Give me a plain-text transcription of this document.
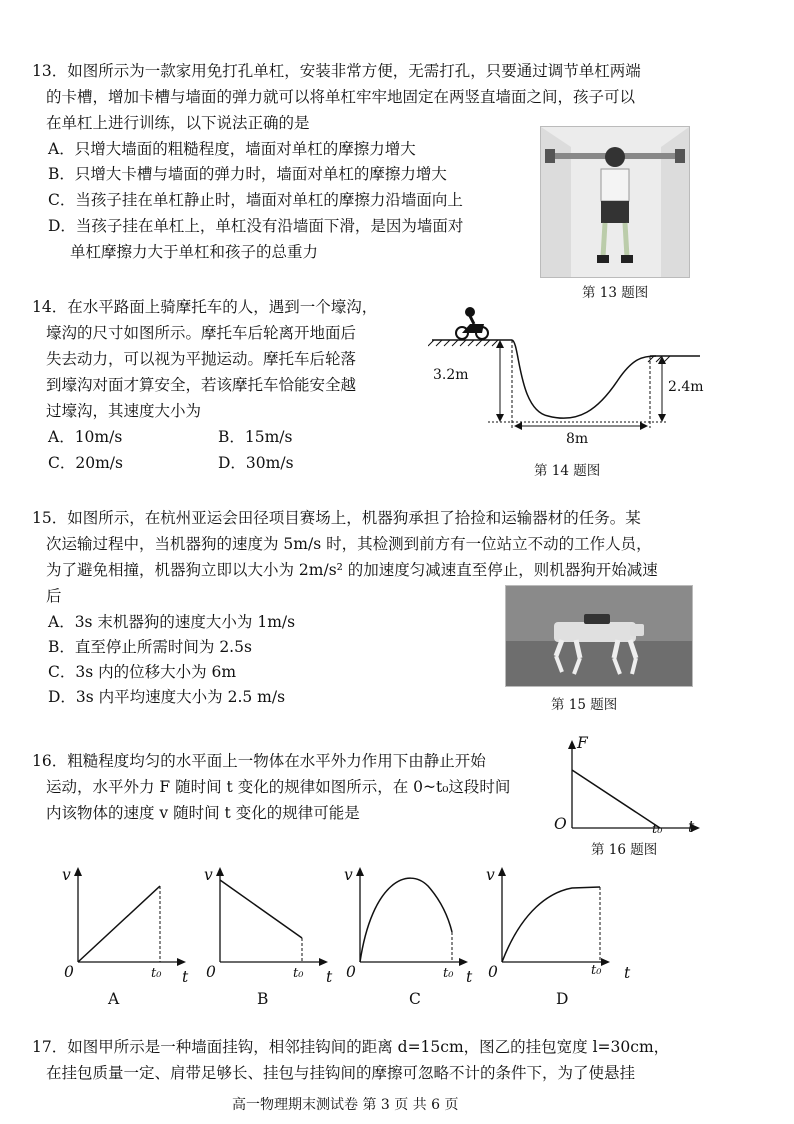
13．如图所示为一款家用免打孔单杠，安装非常方便，无需打孔，只要通过调节单杠两端
的卡槽，增加卡槽与墙面的弹力就可以将单杠牢牢地固定在两竖直墙面之间，孩子可以
在单杠上进行训练，以下说法正确的是
A．只增大墙面的粗糙程度，墙面对单杠的摩擦力增大
B．只增大卡槽与墙面的弹力时，墙面对单杠的摩擦力增大
C．当孩子挂在单杠静止时，墙面对单杠的摩擦力沿墙面向上
D．当孩子挂在单杠上，单杠没有沿墙面下滑，是因为墙面对
单杠摩擦力大于单杠和孩子的总重力
第 13 题图
14．在水平路面上骑摩托车的人，遇到一个壕沟，
壕沟的尺寸如图所示。摩托车后轮离开地面后
失去动力，可以视为平抛运动。摩托车后轮落
到壕沟对面才算安全，若该摩托车恰能安全越
过壕沟，其速度大小为
A．10m/s	B．15m/s
C．20m/s	D．30m/s
3.2m
2.4m
8m
第 14 题图
15．如图所示，在杭州亚运会田径项目赛场上，机器狗承担了拾捡和运输器材的任务。某
次运输过程中，当机器狗的速度为 5m/s 时，其检测到前方有一位站立不动的工作人员，
为了避免相撞，机器狗立即以大小为 2m/s² 的加速度匀减速直至停止，则机器狗开始减速
后
A．3s 末机器狗的速度大小为 1m/s
B．直至停止所需时间为 2.5s
C．3s 内的位移大小为 6m
D．3s 内平均速度大小为 2.5 m/s	第 15 题图
16．粗糙程度均匀的水平面上一物体在水平外力作用下由静止开始
运动，水平外力 F 随时间 t 变化的规律如图所示，在 0~t₀这段时间
内该物体的速度 v 随时间 t 变化的规律可能是
F
O	t₀ t
第 16 题图
v	v	v	v
0	0	0	0
t₀	t₀	t₀	t₀
t	t	t	t
A	B	C	D
17．如图甲所示是一种墙面挂钩，相邻挂钩间的距离 d=15cm，图乙的挂包宽度 l=30cm，
在挂包质量一定、肩带足够长、挂包与挂钩间的摩擦可忽略不计的条件下，为了使悬挂
高一物理期末测试卷 第 3 页 共 6 页
